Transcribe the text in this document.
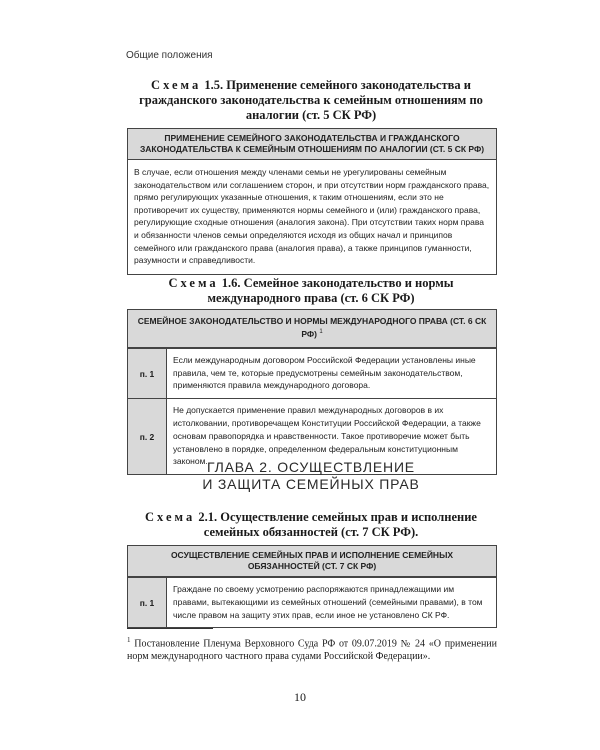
Общие положения
Схема 1.5. Применение семейного законодательства и гражданского законодательства к семейным отношениям по аналогии (ст. 5 СК РФ)
ПРИМЕНЕНИЕ СЕМЕЙНОГО ЗАКОНОДАТЕЛЬСТВА И ГРАЖДАНСКОГО ЗАКОНОДАТЕЛЬСТВА К СЕМЕЙНЫМ ОТНОШЕНИЯМ ПО АНАЛОГИИ (СТ. 5 СК РФ)
В случае, если отношения между членами семьи не урегулированы семейным законодательством или соглашением сторон, и при отсутствии норм гражданского права, прямо регулирующих указанные отношения, к таким отношениям, если это не противоречит их существу, применяются нормы семейного и (или) гражданского права, регулирующие сходные отношения (аналогия закона). При отсутствии таких норм права и обязанности членов семьи определяются исходя из общих начал и принципов семейного или гражданского права (аналогия права), а также принципов гуманности, разумности и справедливости.
Схема 1.6. Семейное законодательство и нормы международного права (ст. 6 СК РФ)
СЕМЕЙНОЕ ЗАКОНОДАТЕЛЬСТВО И НОРМЫ МЕЖДУНАРОДНОГО ПРАВА (СТ. 6 СК РФ) $^1$
п. 1
Если международным договором Российской Федерации установлены иные правила, чем те, которые предусмотрены семейным законодательством, применяются правила международного договора.
п. 2
Не допускается применение правил международных договоров в их истолковании, противоречащем Конституции Российской Федерации, а также основам правопорядка и нравственности. Такое противоречие может быть установлено в порядке, определенном федеральным конституционным законом. ГЛАВА 2. ОСУЩЕСТВЛЕНИЕ
И ЗАЩИТА СЕМЕЙНЫХ ПРАВ
Схема 2.1. Осуществление семейных прав и исполнение семейных обязанностей (ст. 7 СК РФ).
ОСУЩЕСТВЛЕНИЕ СЕМЕЙНЫХ ПРАВ И ИСПОЛНЕНИЕ СЕМЕЙНЫХ ОБЯЗАННОСТЕЙ (СТ. 7 СК РФ)
п. 1
Граждане по своему усмотрению распоряжаются принадлежащими им правами, вытекающими из семейных отношений (семейными правами), в том числе правом на защиту этих прав, если иное не установлено СК РФ.
$^1$ Постановление Пленума Верховного Суда РФ от 09.07.2019 № 24 «О применении норм международного частного права судами Российской Федерации».
10
